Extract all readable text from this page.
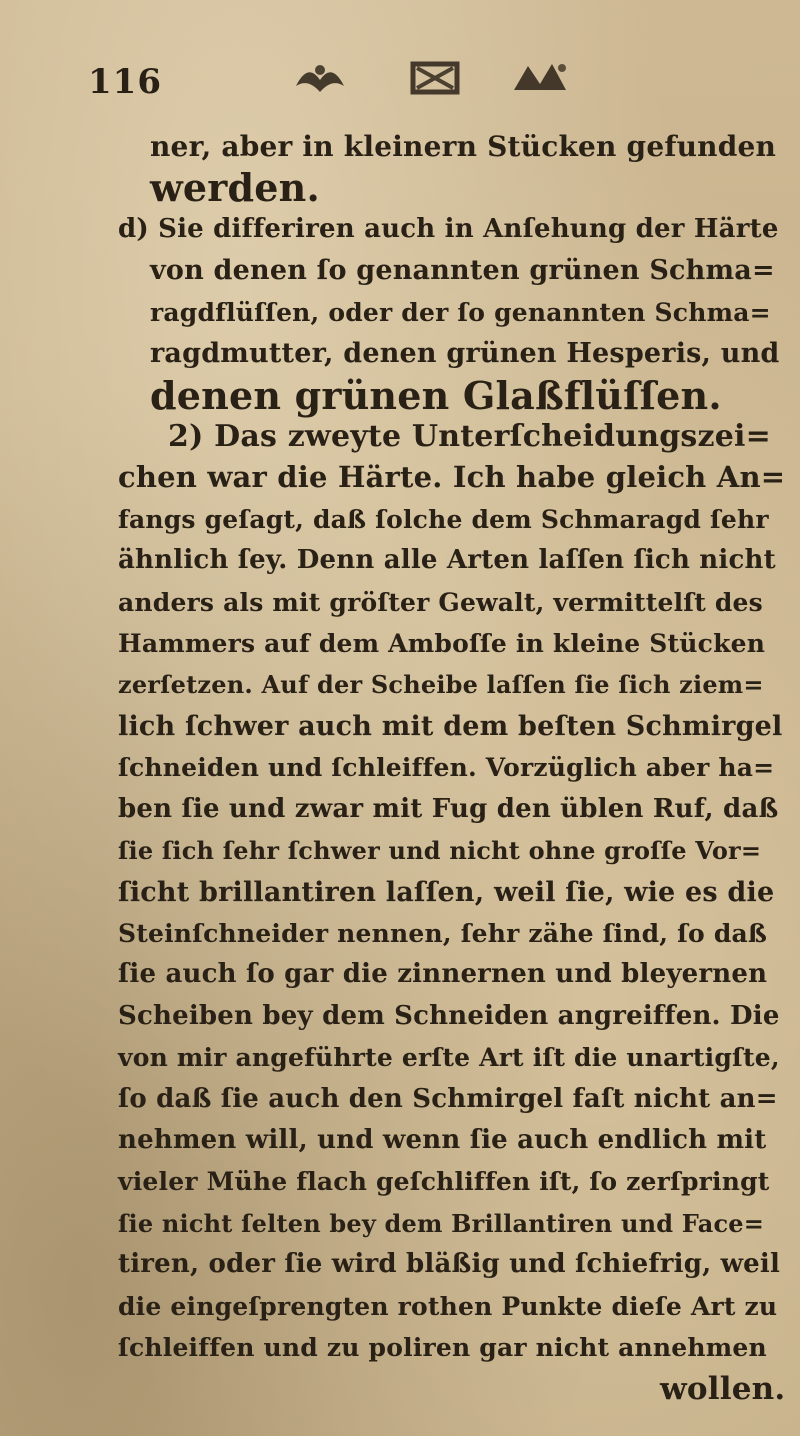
116
ner, aber in kleinern Stücken gefunden
werden.
d) Sie differiren auch in Anſehung der Härte
von denen ſo genannten grünen Schma=
ragdflüſſen, oder der ſo genannten Schma=
ragdmutter, denen grünen Hesperis, und
denen grünen Glaßflüſſen.
2) Das zweyte Unterſcheidungszei=
chen war die Härte. Ich habe gleich An=
fangs geſagt, daß ſolche dem Schmaragd ſehr
ähnlich ſey. Denn alle Arten laſſen ſich nicht
anders als mit gröſter Gewalt, vermittelſt des
Hammers auf dem Amboſſe in kleine Stücken
zerſetzen. Auf der Scheibe laſſen ſie ſich ziem=
lich ſchwer auch mit dem beſten Schmirgel
ſchneiden und ſchleiffen. Vorzüglich aber ha=
ben ſie und zwar mit Fug den üblen Ruf, daß
ſie ſich ſehr ſchwer und nicht ohne groſſe Vor=
ſicht brillantiren laſſen, weil ſie, wie es die
Steinſchneider nennen, ſehr zähe ſind, ſo daß
ſie auch ſo gar die zinnernen und bleyernen
Scheiben bey dem Schneiden angreiffen. Die
von mir angeführte erſte Art iſt die unartigſte,
ſo daß ſie auch den Schmirgel faſt nicht an=
nehmen will, und wenn ſie auch endlich mit
vieler Mühe flach geſchliffen iſt, ſo zerſpringt
ſie nicht ſelten bey dem Brillantiren und Face=
tiren, oder ſie wird bläßig und ſchiefrig, weil
die eingeſprengten rothen Punkte dieſe Art zu
ſchleiffen und zu poliren gar nicht annehmen
wollen.
